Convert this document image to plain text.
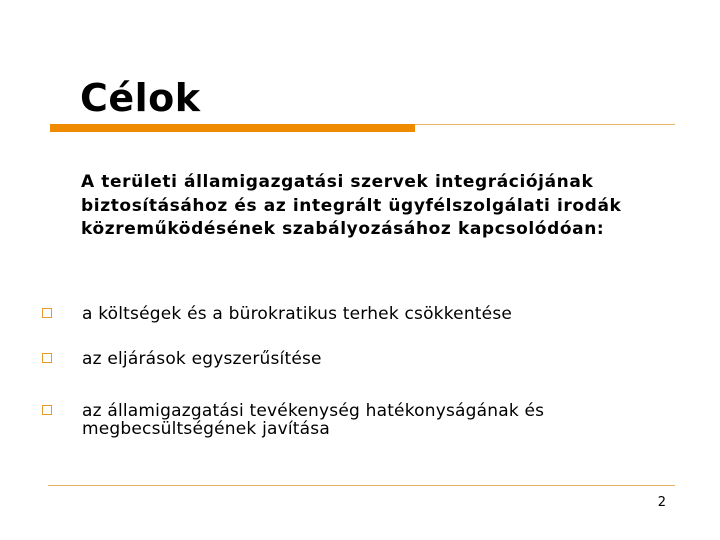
Célok

A területi államigazgatási szervek integrációjának biztosításához és az integrált ügyfélszolgálati irodák közreműködésének szabályozásához kapcsolódóan:

a költségek és a bürokratikus terhek csökkentése
az eljárások egyszerűsítése
az államigazgatási tevékenység hatékonyságának és megbecsültségének javítása
2
